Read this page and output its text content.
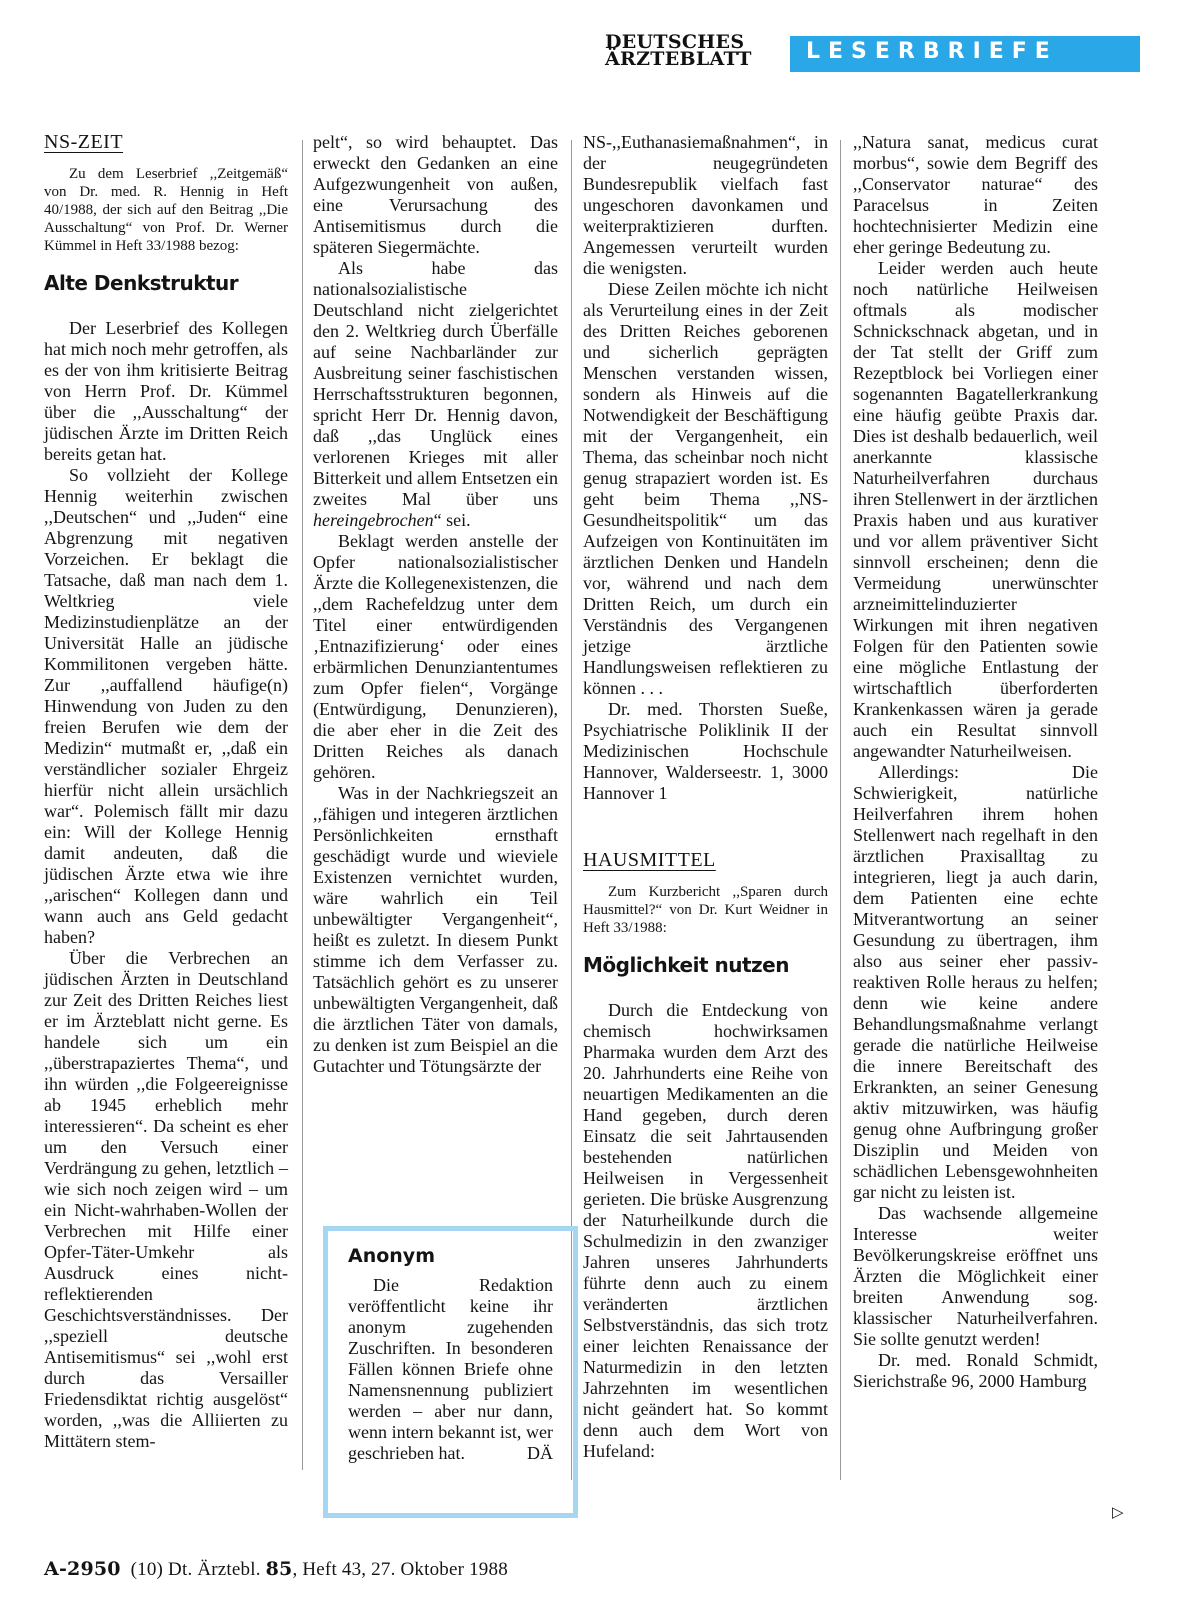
DEUTSCHES
ÄRZTEBLATT	LESERBRIEFE
NS-ZEIT
Zu dem Leserbrief ,,Zeitgemäß“ von Dr. med. R. Hennig in Heft 40/1988, der sich auf den Beitrag ,,Die Ausschaltung“ von Prof. Dr. Werner Kümmel in Heft 33/1988 bezog:
Alte Denkstruktur

Der Leserbrief des Kollegen hat mich noch mehr getroffen, als es der von ihm kritisierte Beitrag von Herrn Prof. Dr. Kümmel über die ,,Ausschaltung“ der jüdischen Ärzte im Dritten Reich bereits getan hat.

So vollzieht der Kollege Hennig weiterhin zwischen ,,Deutschen“ und ,,Juden“ eine Abgrenzung mit negativen Vorzeichen. Er beklagt die Tatsache, daß man nach dem 1. Weltkrieg viele Medizinstudienplätze an der Universität Halle an jüdische Kommilitonen vergeben hätte. Zur ,,auffallend häufige(n) Hinwendung von Juden zu den freien Berufen wie dem der Medizin“ mutmaßt er, ,,daß ein verständlicher sozialer Ehrgeiz hierfür nicht allein ursächlich war“. Polemisch fällt mir dazu ein: Will der Kollege Hennig damit andeuten, daß die jüdischen Ärzte etwa wie ihre ,,arischen“ Kollegen dann und wann auch ans Geld gedacht haben?

Über die Verbrechen an jüdischen Ärzten in Deutschland zur Zeit des Dritten Reiches liest er im Ärzteblatt nicht gerne. Es handele sich um ein ,,überstrapaziertes Thema“, und ihn würden ,,die Folgeereignisse ab 1945 erheblich mehr interessieren“. Da scheint es eher um den Versuch einer Verdrängung zu gehen, letztlich – wie sich noch zeigen wird – um ein Nicht-wahrhaben-Wollen der Verbrechen mit Hilfe einer Opfer-Täter-Umkehr als Ausdruck eines nicht-reflektierenden Geschichtsverständnisses. Der ,,speziell deutsche Antisemitismus“ sei ,,wohl erst durch das Versailler Friedensdiktat richtig ausgelöst“ worden, ,,was die Alliierten zu Mittätern stem-

pelt“, so wird behauptet. Das erweckt den Gedanken an eine Aufgezwungenheit von außen, eine Verursachung des Antisemitismus durch die späteren Siegermächte.

Als habe das nationalsozialistische Deutschland nicht zielgerichtet den 2. Weltkrieg durch Überfälle auf seine Nachbarländer zur Ausbreitung seiner faschistischen Herrschaftsstrukturen begonnen, spricht Herr Dr. Hennig davon, daß ,,das Unglück eines verlorenen Krieges mit aller Bitterkeit und allem Entsetzen ein zweites Mal über uns hereingebrochen“ sei.

Beklagt werden anstelle der Opfer nationalsozialistischer Ärzte die Kollegenexistenzen, die ,,dem Rachefeldzug unter dem Titel einer entwürdigenden ‚Entnazifizierung‘ oder eines erbärmlichen Denunziantentumes zum Opfer fielen“, Vorgänge (Entwürdigung, Denunzieren), die aber eher in die Zeit des Dritten Reiches als danach gehören.

Was in der Nachkriegszeit an ,,fähigen und integeren ärztlichen Persönlichkeiten ernsthaft geschädigt wurde und wieviele Existenzen vernichtet wurden, wäre wahrlich ein Teil unbewältigter Vergangenheit“, heißt es zuletzt. In diesem Punkt stimme ich dem Verfasser zu. Tatsächlich gehört es zu unserer unbewältigten Vergangenheit, daß die ärztlichen Täter von damals, zu denken ist zum Beispiel an die Gutachter und Tötungsärzte der

Anonym
Die Redaktion veröffentlicht keine ihr anonym zugehenden Zuschriften. In besonderen Fällen können Briefe ohne Namensnennung publiziert werden – aber nur dann, wenn intern bekannt ist, wer geschrieben hat.	DÄ

NS-,,Euthanasiemaßnahmen“, in der neugegründeten Bundesrepublik vielfach fast ungeschoren davonkamen und weiterpraktizieren durften. Angemessen verurteilt wurden die wenigsten.

Diese Zeilen möchte ich nicht als Verurteilung eines in der Zeit des Dritten Reiches geborenen und sicherlich geprägten Menschen verstanden wissen, sondern als Hinweis auf die Notwendigkeit der Beschäftigung mit der Vergangenheit, ein Thema, das scheinbar noch nicht genug strapaziert worden ist. Es geht beim Thema ,,NS-Gesundheitspolitik“ um das Aufzeigen von Kontinuitäten im ärztlichen Denken und Handeln vor, während und nach dem Dritten Reich, um durch ein Verständnis des Vergangenen jetzige ärztliche Handlungsweisen reflektieren zu können . . .

Dr. med. Thorsten Sueße, Psychiatrische Poliklinik II der Medizinischen Hochschule Hannover, Walderseestr. 1, 3000 Hannover 1

HAUSMITTEL
Zum Kurzbericht ,,Sparen durch Hausmittel?“ von Dr. Kurt Weidner in Heft 33/1988:
Möglichkeit nutzen

Durch die Entdeckung von chemisch hochwirksamen Pharmaka wurden dem Arzt des 20. Jahrhunderts eine Reihe von neuartigen Medikamenten an die Hand gegeben, durch deren Einsatz die seit Jahrtausenden bestehenden natürlichen Heilweisen in Vergessenheit gerieten. Die brüske Ausgrenzung der Naturheilkunde durch die Schulmedizin in den zwanziger Jahren unseres Jahrhunderts führte denn auch zu einem veränderten ärztlichen Selbstverständnis, das sich trotz einer leichten Renaissance der Naturmedizin in den letzten Jahrzehnten im wesentlichen nicht geändert hat. So kommt denn auch dem Wort von Hufeland:

,,Natura sanat, medicus curat morbus“, sowie dem Begriff des ,,Conservator naturae“ des Paracelsus in Zeiten hochtechnisierter Medizin eine eher geringe Bedeutung zu.

Leider werden auch heute noch natürliche Heilweisen oftmals als modischer Schnickschnack abgetan, und in der Tat stellt der Griff zum Rezeptblock bei Vorliegen einer sogenannten Bagatellerkrankung eine häufig geübte Praxis dar. Dies ist deshalb bedauerlich, weil anerkannte klassische Naturheilverfahren durchaus ihren Stellenwert in der ärztlichen Praxis haben und aus kurativer und vor allem präventiver Sicht sinnvoll erscheinen; denn die Vermeidung unerwünschter arzneimittelinduzierter Wirkungen mit ihren negativen Folgen für den Patienten sowie eine mögliche Entlastung der wirtschaftlich überforderten Krankenkassen wären ja gerade auch ein Resultat sinnvoll angewandter Naturheilweisen.

Allerdings: Die Schwierigkeit, natürliche Heilverfahren ihrem hohen Stellenwert nach regelhaft in den ärztlichen Praxisalltag zu integrieren, liegt ja auch darin, dem Patienten eine echte Mitverantwortung an seiner Gesundung zu übertragen, ihm also aus seiner eher passiv-reaktiven Rolle heraus zu helfen; denn wie keine andere Behandlungsmaßnahme verlangt gerade die natürliche Heilweise die innere Bereitschaft des Erkrankten, an seiner Genesung aktiv mitzuwirken, was häufig genug ohne Aufbringung großer Disziplin und Meiden von schädlichen Lebensgewohnheiten gar nicht zu leisten ist.

Das wachsende allgemeine Interesse weiter Bevölkerungskreise eröffnet uns Ärzten die Möglichkeit einer breiten Anwendung sog. klassischer Naturheilverfahren. Sie sollte genutzt werden!

Dr. med. Ronald Schmidt, Sierichstraße 96, 2000 Hamburg

▷
A-2950 (10) Dt. Ärztebl. 85, Heft 43, 27. Oktober 1988
